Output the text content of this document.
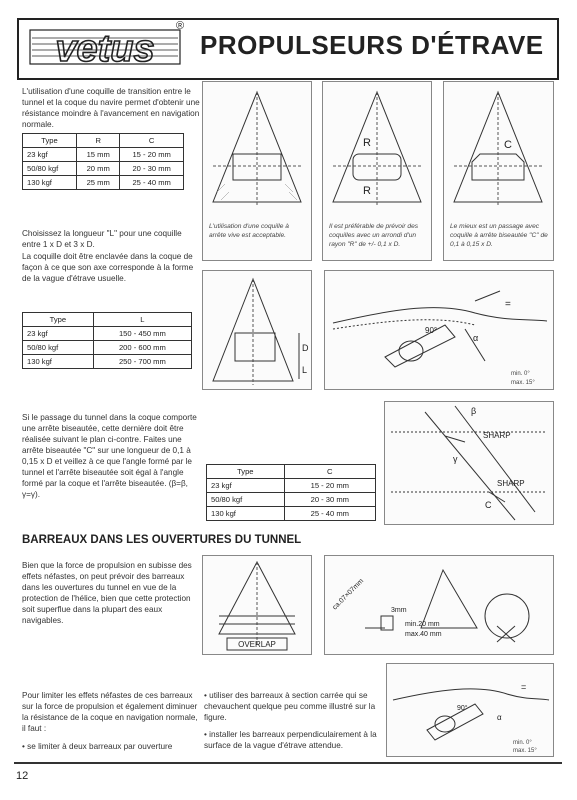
vetus
®
PROPULSEURS D'ÉTRAVE
L'utilisation d'une coquille de transition entre le tunnel et la coque du navire permet d'obtenir une résistance moindre à l'avancement en navigation normale.
Type	R	C
23 kgf	15 mm	15 - 20 mm
50/80 kgf	20 mm	20 - 30 mm
130 kgf	25 mm	25 - 40 mm
L'utilisation d'une coquille à arrête vive est acceptable.
R
R
Il est préférable de prévoir des coquilles avec un arrondi d'un rayon "R" de +/- 0,1 x D.
C
Le mieux est un passage avec coquille à arrête biseautée "C" de 0,1 à 0,15 x D.
Choisissez la longueur "L" pour une coquille entre 1 x D et 3 x D.
La coquille doit être enclavée dans la coque de façon à ce que son axe corresponde à la forme de la vague d'étrave usuelle.
Type	L
23 kgf	150 - 450 mm
50/80 kgf	200 - 600 mm
130 kgf	250 - 700 mm
D
L
=
90°
α
min. 0°
max. 15°
Si le passage du tunnel dans la coque comporte une arrête biseautée, cette dernière doit être réalisée suivant le plan ci-contre. Faites une arrête biseautée "C" sur une longueur de 0,1 à 0,15 x D et veillez à ce que l'angle formé par le tunnel et l'arrête biseautée soit égal à l'angle formé par la coque et l'arrête biseautée. (β=β, γ=γ).
Type	C
23 kgf	15 - 20 mm
50/80 kgf	20 - 30 mm
130 kgf	25 - 40 mm
SHARP
SHARP
β
γ
C
BARREAUX DANS LES OUVERTURES DU TUNNEL
Bien que la force de propulsion en subisse des effets néfastes, on peut prévoir des barreaux dans les ouvertures du tunnel en vue de la protection de l'hélice, bien que cette protection soit superflue dans la plupart des eaux navigables.
OVERLAP
ca.07×07mm	3mm
min.20 mm
max.40 mm
=
90°
α
min. 0°
max. 15°
Pour limiter les effets néfastes de ces barreaux sur la force de propulsion et également diminuer la résistance de la coque en navigation normale, il faut :
• se limiter à deux barreaux par ouverture
• utiliser des barreaux à section carrée qui se chevauchent quelque peu comme illustré sur la figure.
• installer les barreaux perpendiculairement à la surface de la vague d'étrave attendue.
12
